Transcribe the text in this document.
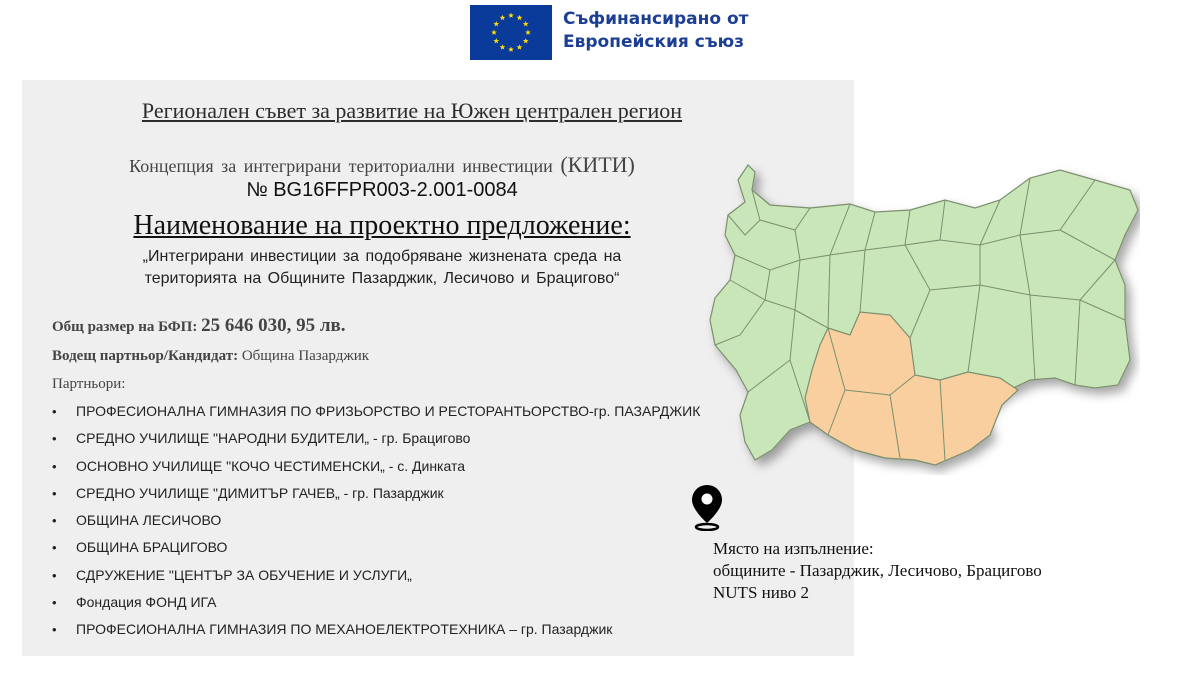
Съфинансирано от
Европейския съюз
Регионален съвет за развитие на Южен централен регион
Концепция за интегрирани териториални инвестиции (КИТИ)
№ BG16FFPR003-2.001-0084
Наименование на проектно предложение:
„Интегрирани инвестиции за подобряване жизнената среда на
територията на Общините Пазарджик, Лесичово и Брацигово“
Общ размер на БФП: 25 646 030, 95 лв.
Водещ партньор/Кандидат: Община Пазарджик
Партньори:
•	ПРОФЕСИОНАЛНА ГИМНАЗИЯ ПО ФРИЗЬОРСТВО И РЕСТОРАНТЬОРСТВО-гр. ПАЗАРДЖИК
•	СРЕДНО УЧИЛИЩЕ "НАРОДНИ БУДИТЕЛИ„ - гр. Брацигово
•	ОСНОВНО УЧИЛИЩЕ "КОЧО ЧЕСТИМЕНСКИ„ - с. Динката
•	СРЕДНО УЧИЛИЩЕ "ДИМИТЪР ГАЧЕВ„ - гр. Пазарджик
•	ОБЩИНА ЛЕСИЧОВО
•	ОБЩИНА БРАЦИГОВО
•	СДРУЖЕНИЕ "ЦЕНТЪР ЗА ОБУЧЕНИЕ И УСЛУГИ„
•	Фондация ФОНД ИГА
•	ПРОФЕСИОНАЛНА ГИМНАЗИЯ ПО МЕХАНОЕЛЕКТРОТЕХНИКА – гр. Пазарджик
Място на изпълнение:
общините - Пазарджик, Лесичово, Брацигово
NUTS ниво 2
